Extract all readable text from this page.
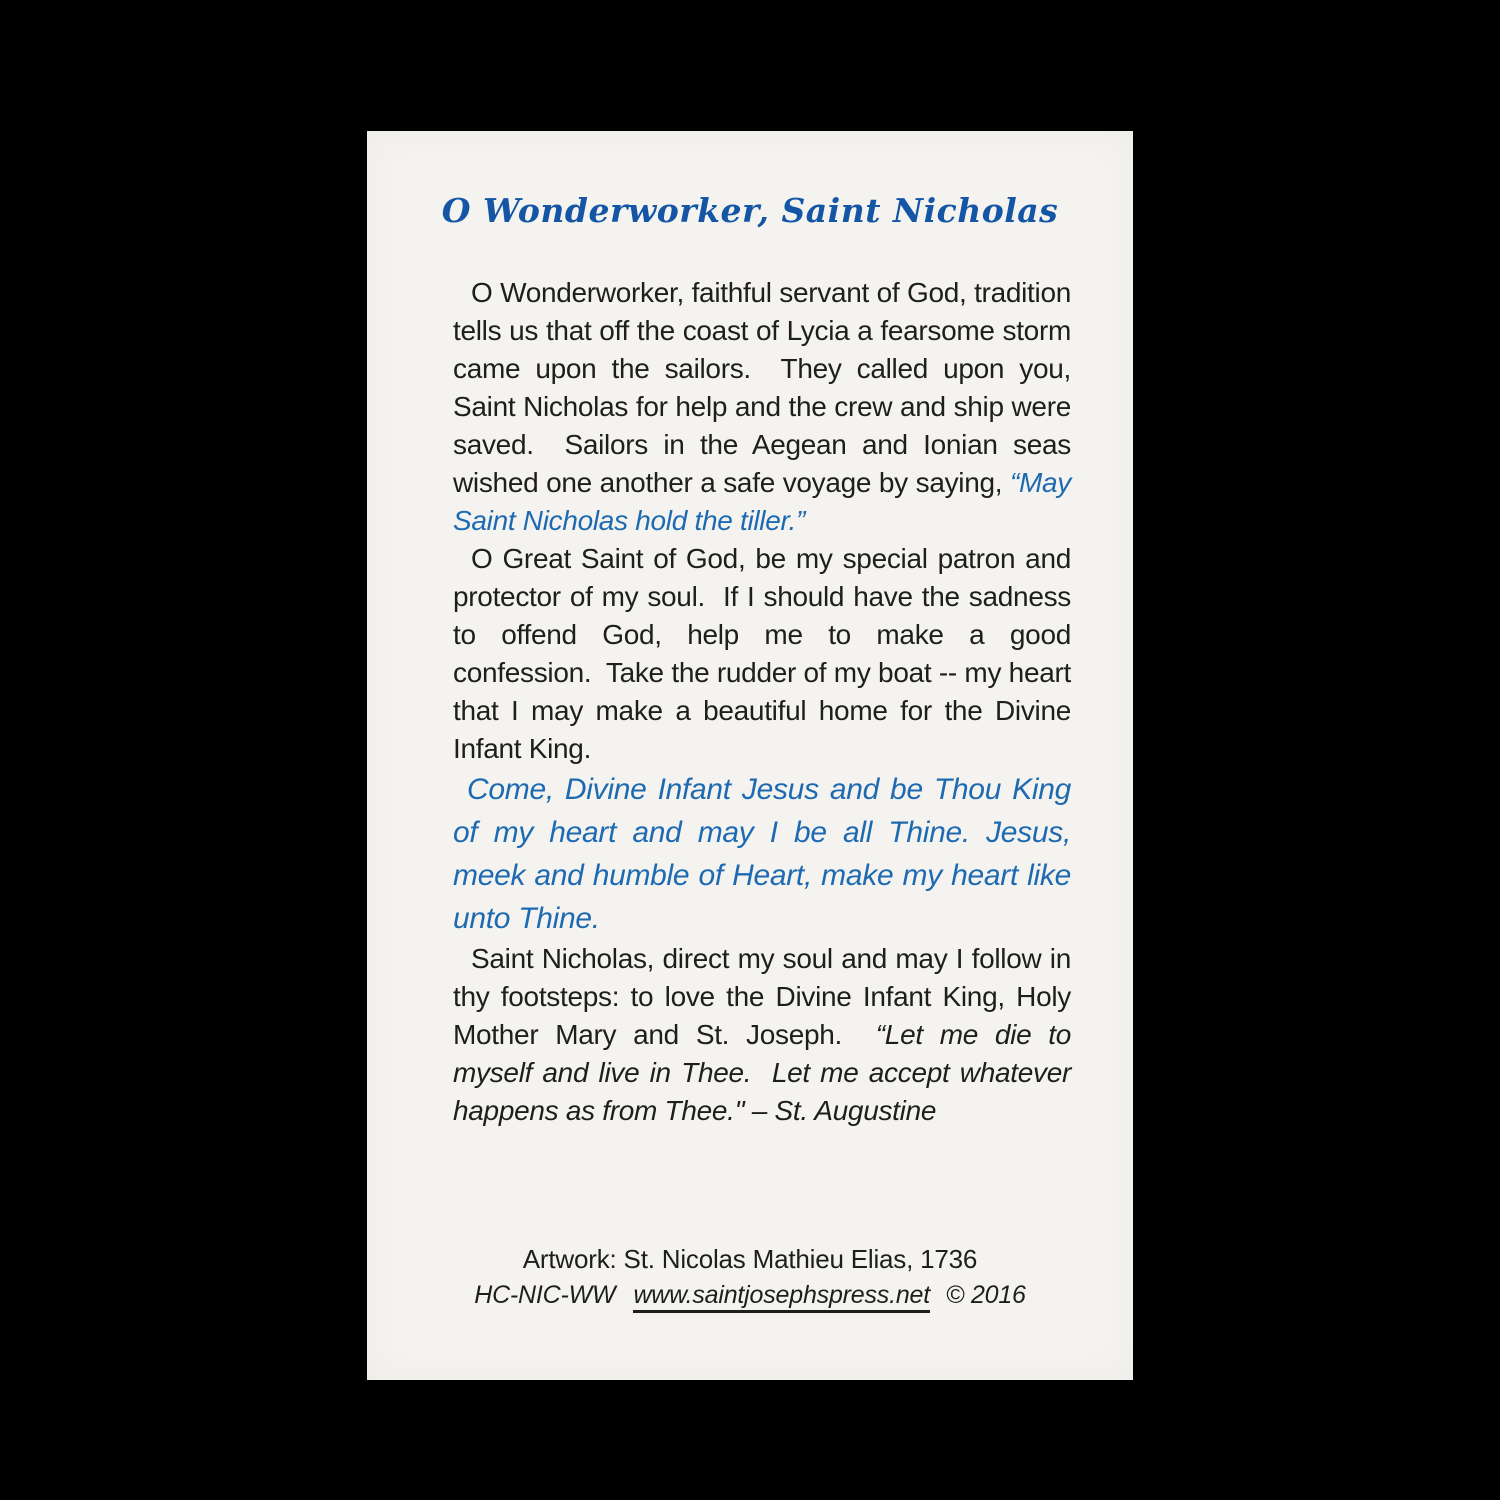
O Wonderworker, Saint Nicholas

O Wonderworker, faithful servant of God, tradition tells us that off the coast of Lycia a fearsome storm came upon the sailors.  They called upon you, Saint Nicholas for help and the crew and ship were saved.  Sailors in the Aegean and Ionian seas wished one another a safe voyage by saying, “May Saint Nicholas hold the tiller.”

O Great Saint of God, be my special patron and protector of my soul.  If I should have the sadness to offend God, help me to make a good confession.  Take the rudder of my boat -- my heart that I may make a beautiful home for the Divine Infant King.

Come, Divine Infant Jesus and be Thou King of my heart and may I be all Thine. Jesus, meek and humble of Heart, make my heart like unto Thine.

Saint Nicholas, direct my soul and may I follow in thy footsteps: to love the Divine Infant King, Holy Mother Mary and St. Joseph.  “Let me die to myself and live in Thee.  Let me accept whatever happens as from Thee." – St. Augustine

Artwork: St. Nicolas Mathieu Elias, 1736
HC-NIC-WW www.saintjosephspress.net © 2016
